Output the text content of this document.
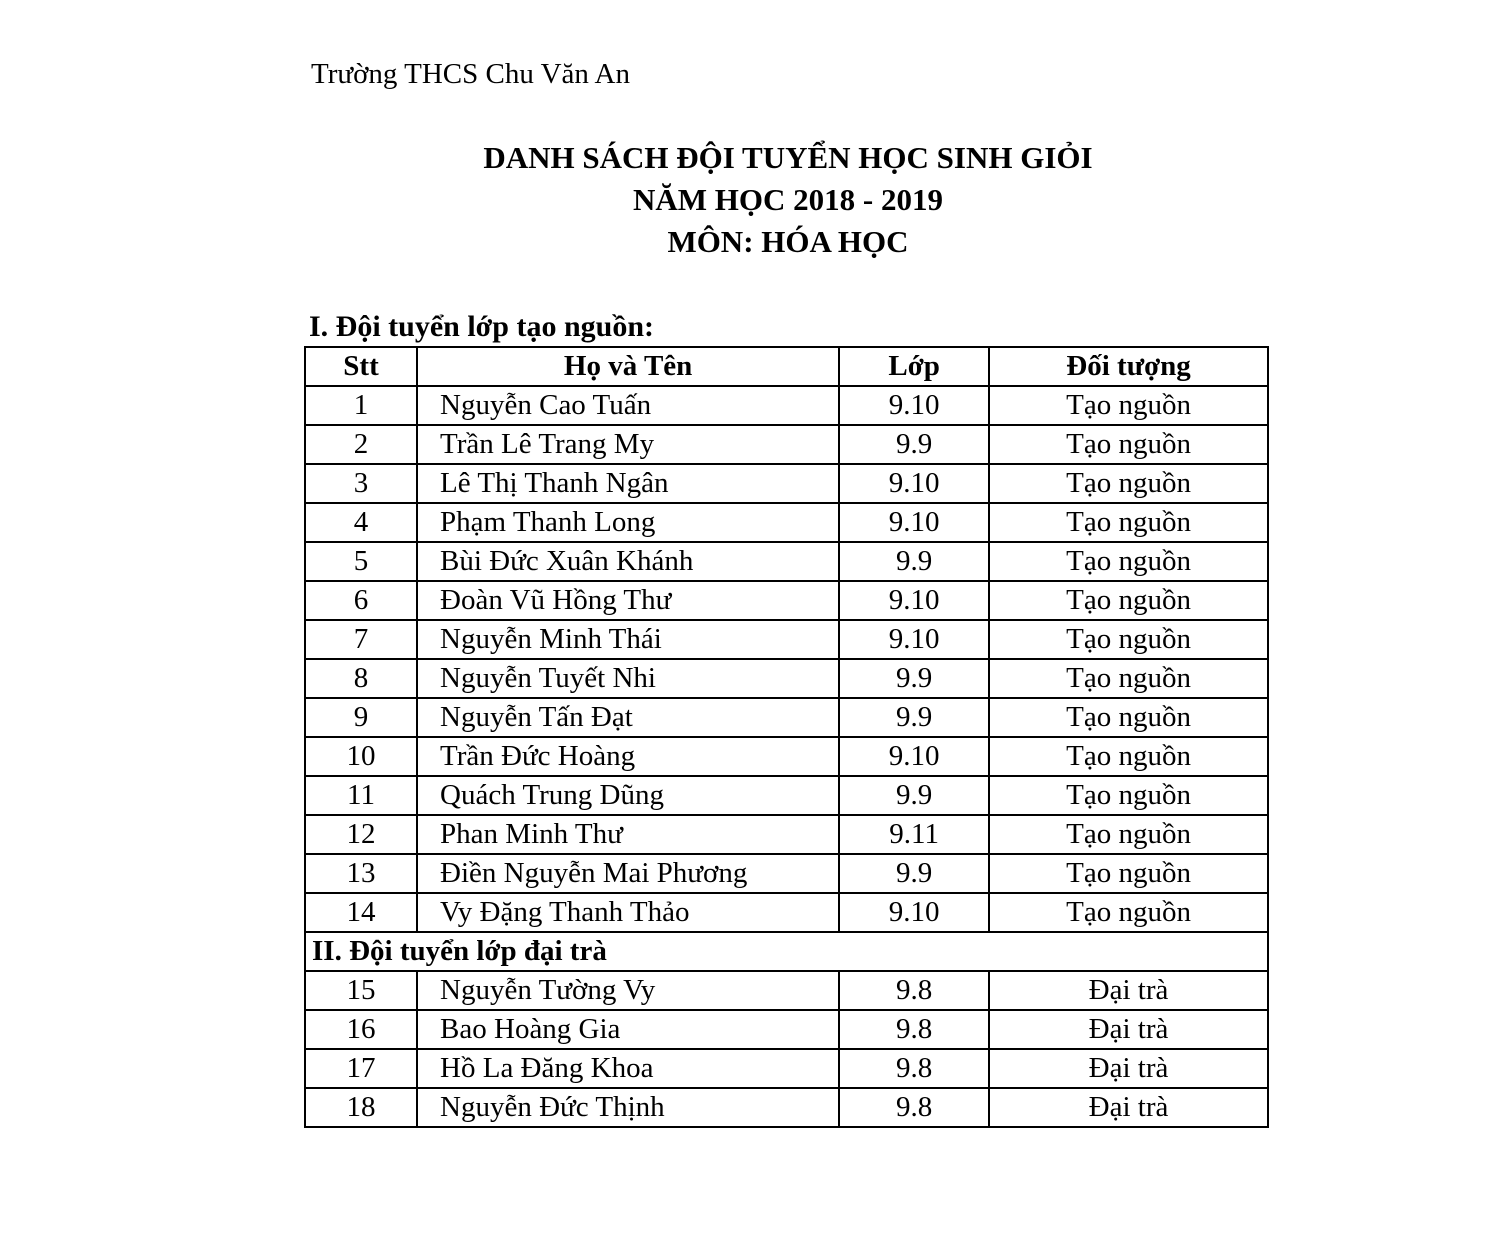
Trường THCS Chu Văn An
DANH SÁCH ĐỘI TUYỂN HỌC SINH GIỎI
NĂM HỌC 2018 - 2019
MÔN: HÓA HỌC
I. Đội tuyển lớp tạo nguồn:
Stt	Họ và Tên	Lớp	Đối tượng
1	Nguyễn Cao Tuấn	9.10	Tạo nguồn
2	Trần Lê Trang My	9.9	Tạo nguồn
3	Lê Thị Thanh Ngân	9.10	Tạo nguồn
4	Phạm Thanh Long	9.10	Tạo nguồn
5	Bùi Đức Xuân Khánh	9.9	Tạo nguồn
6	Đoàn Vũ Hồng Thư	9.10	Tạo nguồn
7	Nguyễn Minh Thái	9.10	Tạo nguồn
8	Nguyễn Tuyết Nhi	9.9	Tạo nguồn
9	Nguyễn Tấn Đạt	9.9	Tạo nguồn
10	Trần Đức Hoàng	9.10	Tạo nguồn
11	Quách Trung Dũng	9.9	Tạo nguồn
12	Phan Minh Thư	9.11	Tạo nguồn
13	Điền Nguyễn Mai Phương	9.9	Tạo nguồn
14	Vy Đặng Thanh Thảo	9.10	Tạo nguồn
II. Đội tuyển lớp đại trà			
15	Nguyễn Tường Vy	9.8	Đại trà
16	Bao Hoàng Gia	9.8	Đại trà
17	Hồ La Đăng Khoa	9.8	Đại trà
18	Nguyễn Đức Thịnh	9.8	Đại trà
